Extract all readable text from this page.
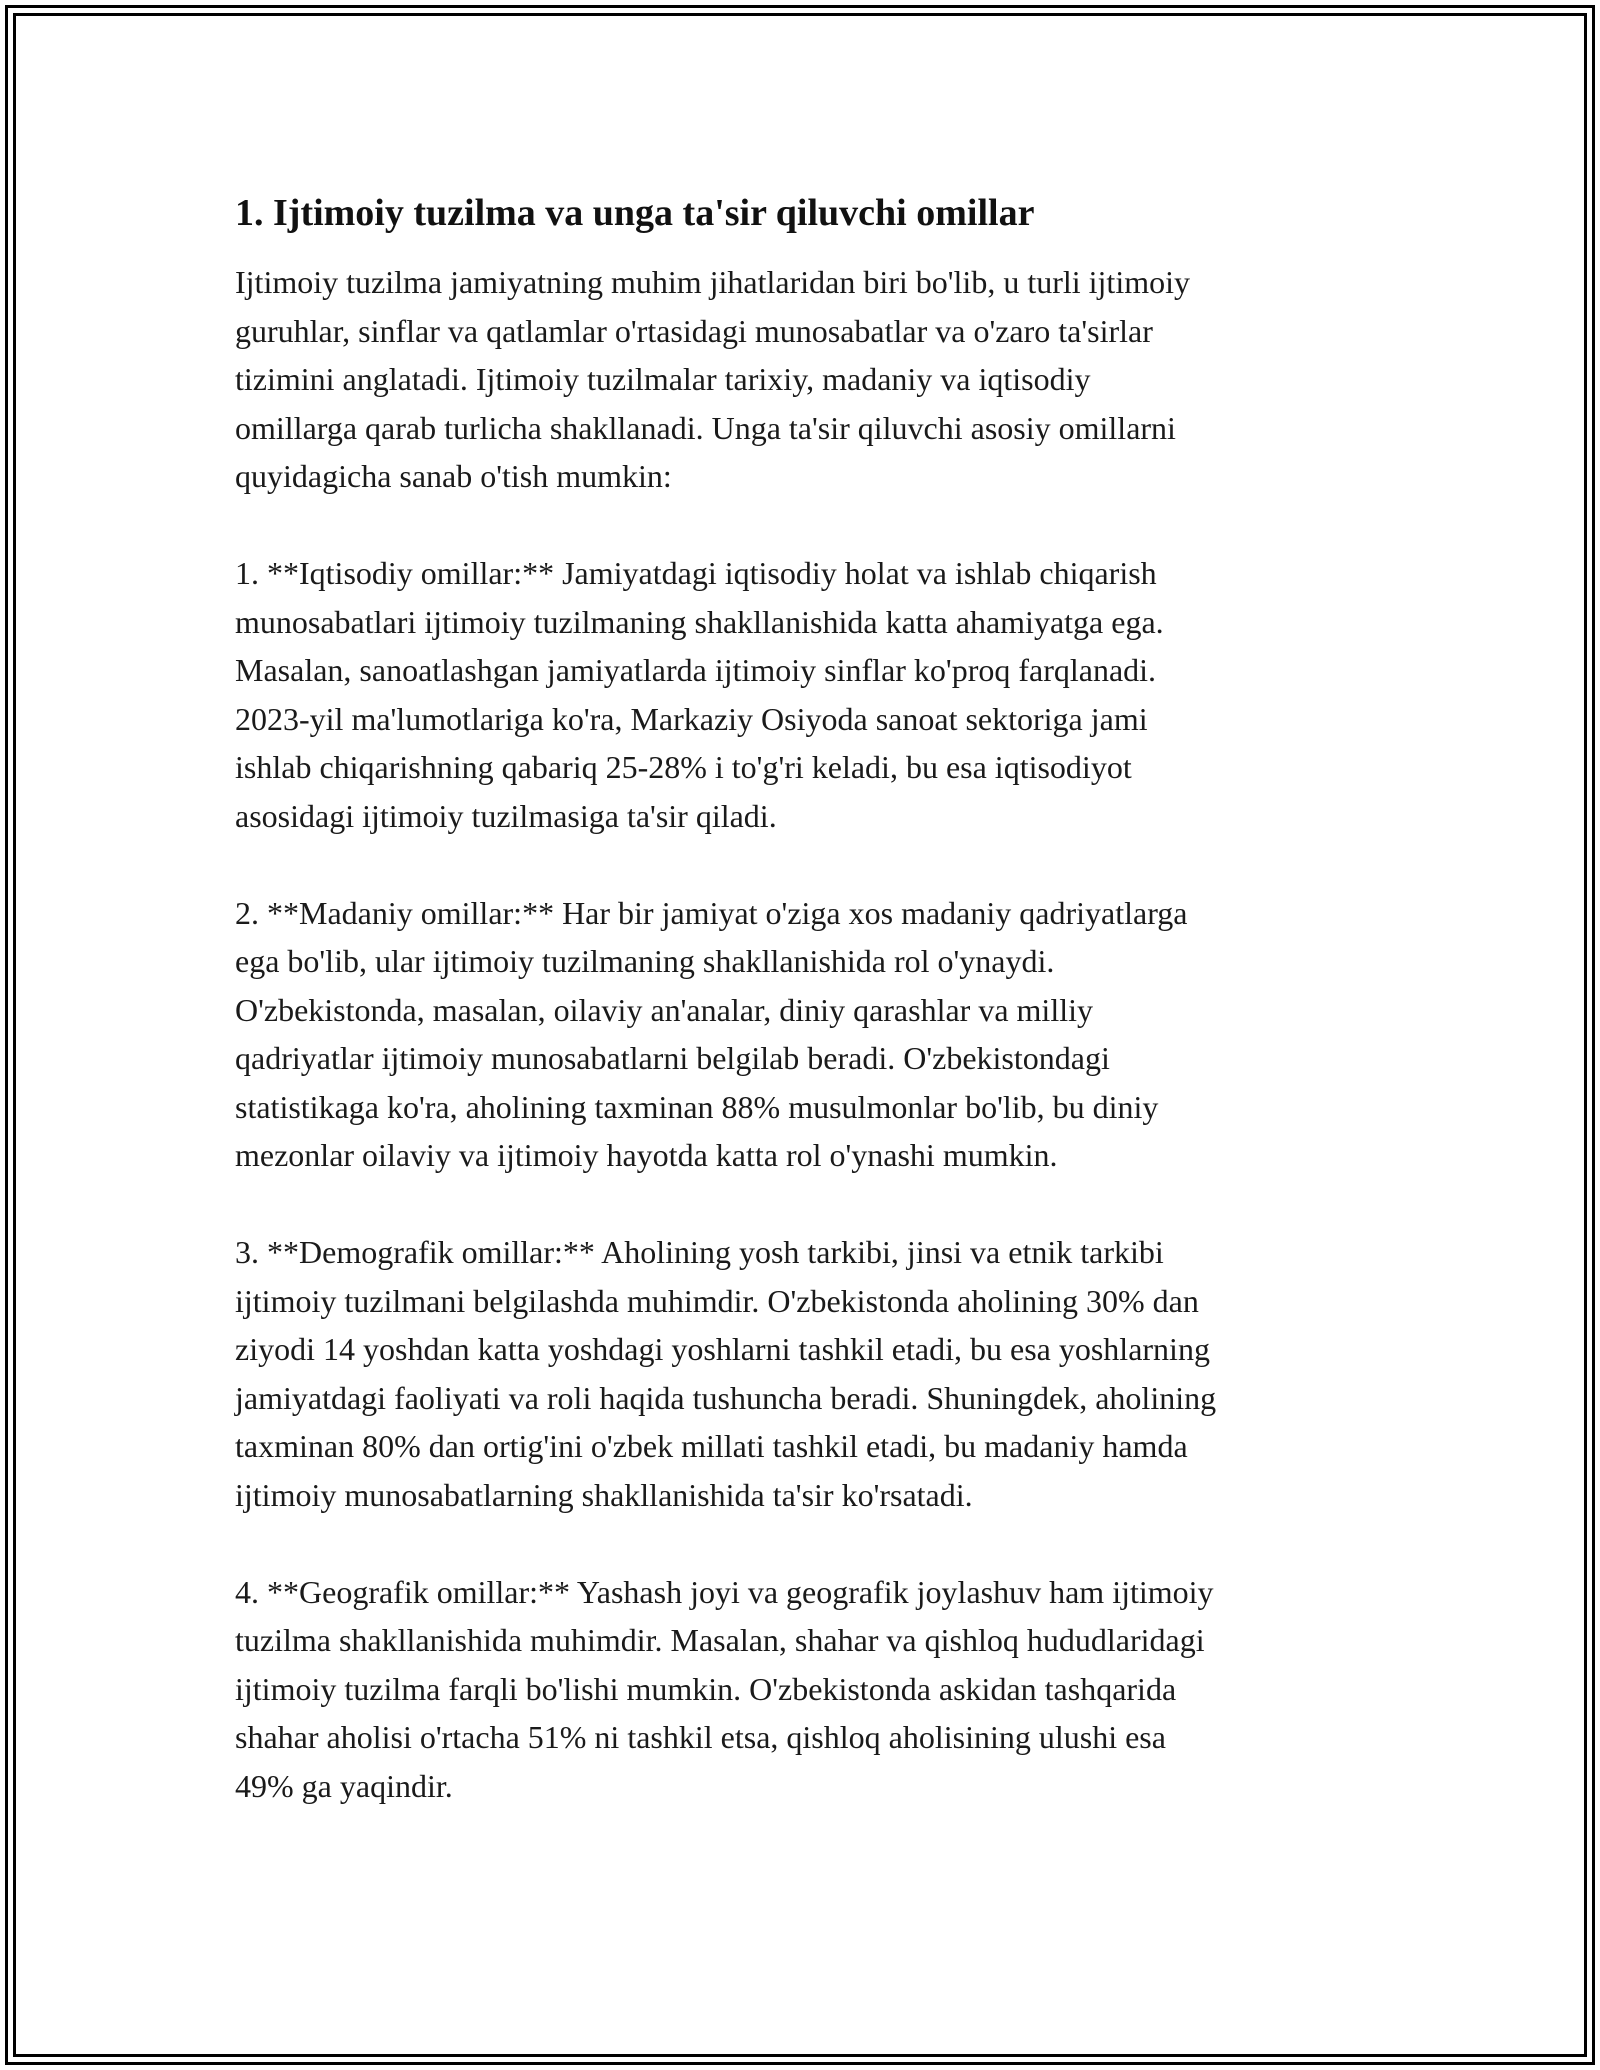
1. Ijtimoiy tuzilma va unga ta'sir qiluvchi omillar

Ijtimoiy tuzilma jamiyatning muhim jihatlaridan biri bo'lib, u turli ijtimoiy
guruhlar, sinflar va qatlamlar o'rtasidagi munosabatlar va o'zaro ta'sirlar
tizimini anglatadi. Ijtimoiy tuzilmalar tarixiy, madaniy va iqtisodiy
omillarga qarab turlicha shakllanadi. Unga ta'sir qiluvchi asosiy omillarni
quyidagicha sanab o'tish mumkin:

1. **Iqtisodiy omillar:** Jamiyatdagi iqtisodiy holat va ishlab chiqarish
munosabatlari ijtimoiy tuzilmaning shakllanishida katta ahamiyatga ega.
Masalan, sanoatlashgan jamiyatlarda ijtimoiy sinflar ko'proq farqlanadi.
2023-yil ma'lumotlariga ko'ra, Markaziy Osiyoda sanoat sektoriga jami
ishlab chiqarishning qabariq 25-28% i to'g'ri keladi, bu esa iqtisodiyot
asosidagi ijtimoiy tuzilmasiga ta'sir qiladi.

2. **Madaniy omillar:** Har bir jamiyat o'ziga xos madaniy qadriyatlarga
ega bo'lib, ular ijtimoiy tuzilmaning shakllanishida rol o'ynaydi.
O'zbekistonda, masalan, oilaviy an'analar, diniy qarashlar va milliy
qadriyatlar ijtimoiy munosabatlarni belgilab beradi. O'zbekistondagi
statistikaga ko'ra, aholining taxminan 88% musulmonlar bo'lib, bu diniy
mezonlar oilaviy va ijtimoiy hayotda katta rol o'ynashi mumkin.

3. **Demografik omillar:** Aholining yosh tarkibi, jinsi va etnik tarkibi
ijtimoiy tuzilmani belgilashda muhimdir. O'zbekistonda aholining 30% dan
ziyodi 14 yoshdan katta yoshdagi yoshlarni tashkil etadi, bu esa yoshlarning
jamiyatdagi faoliyati va roli haqida tushuncha beradi. Shuningdek, aholining
taxminan 80% dan ortig'ini o'zbek millati tashkil etadi, bu madaniy hamda
ijtimoiy munosabatlarning shakllanishida ta'sir ko'rsatadi.

4. **Geografik omillar:** Yashash joyi va geografik joylashuv ham ijtimoiy
tuzilma shakllanishida muhimdir. Masalan, shahar va qishloq hududlaridagi
ijtimoiy tuzilma farqli bo'lishi mumkin. O'zbekistonda askidan tashqarida
shahar aholisi o'rtacha 51% ni tashkil etsa, qishloq aholisining ulushi esa
49% ga yaqindir.
